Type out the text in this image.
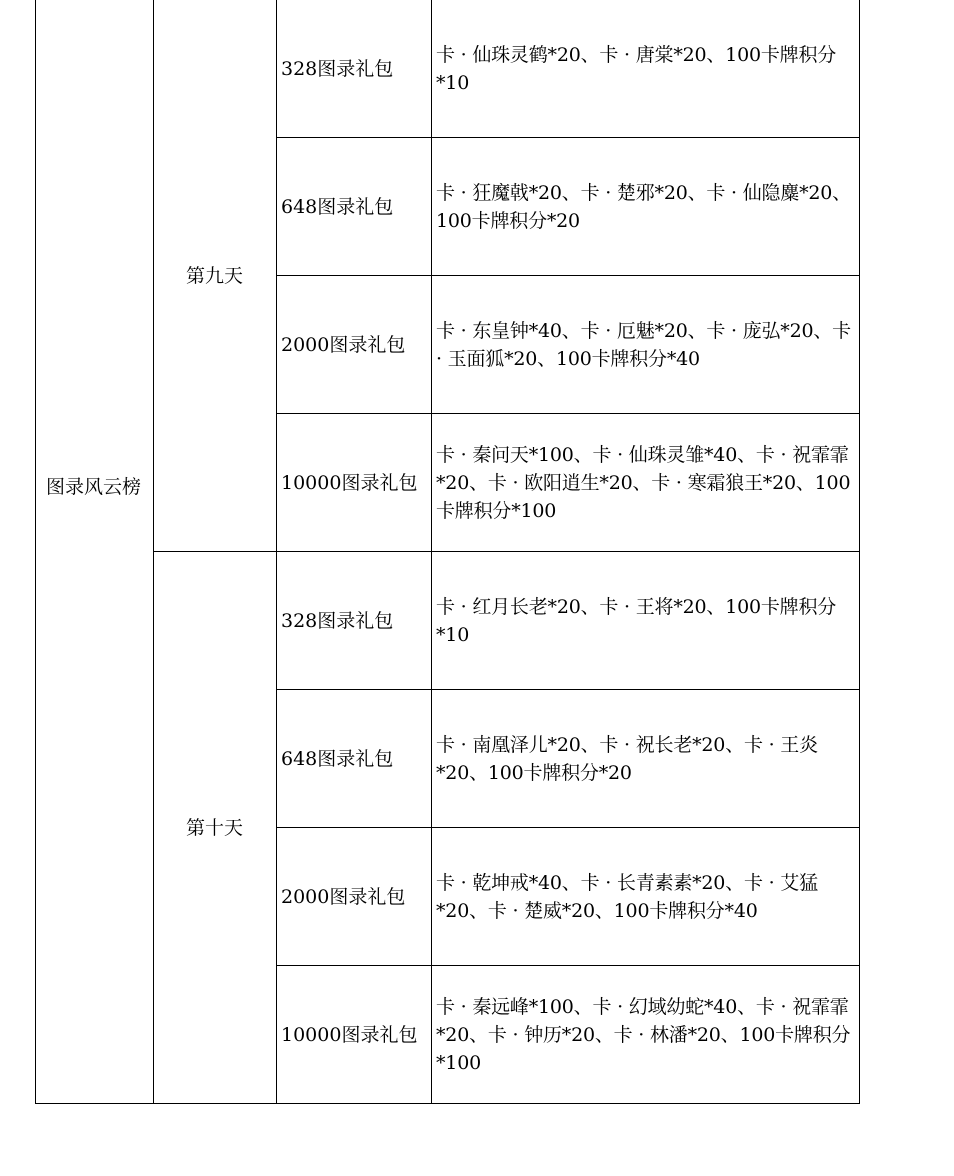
图录风云榜	第九天	328图录礼包	卡 · 仙珠灵鹤*20、卡 · 唐棠*20、100卡牌积分*10
		648图录礼包	卡 · 狂魔戟*20、卡 · 楚邪*20、卡 · 仙隐麋*20、100卡牌积分*20
		2000图录礼包	卡 · 东皇钟*40、卡 · 厄魅*20、卡 · 庞弘*20、卡 · 玉面狐*20、100卡牌积分*40
		10000图录礼包	卡 · 秦问天*100、卡 · 仙珠灵雏*40、卡 · 祝霏霏*20、卡 · 欧阳逍生*20、卡 · 寒霜狼王*20、100卡牌积分*100
	第十天	328图录礼包	卡 · 红月长老*20、卡 · 王将*20、100卡牌积分*10
		648图录礼包	卡 · 南凰泽儿*20、卡 · 祝长老*20、卡 · 王炎*20、100卡牌积分*20
		2000图录礼包	卡 · 乾坤戒*40、卡 · 长青素素*20、卡 · 艾猛*20、卡 · 楚威*20、100卡牌积分*40
		10000图录礼包	卡 · 秦远峰*100、卡 · 幻域幼蛇*40、卡 · 祝霏霏*20、卡 · 钟历*20、卡 · 林潘*20、100卡牌积分*100
